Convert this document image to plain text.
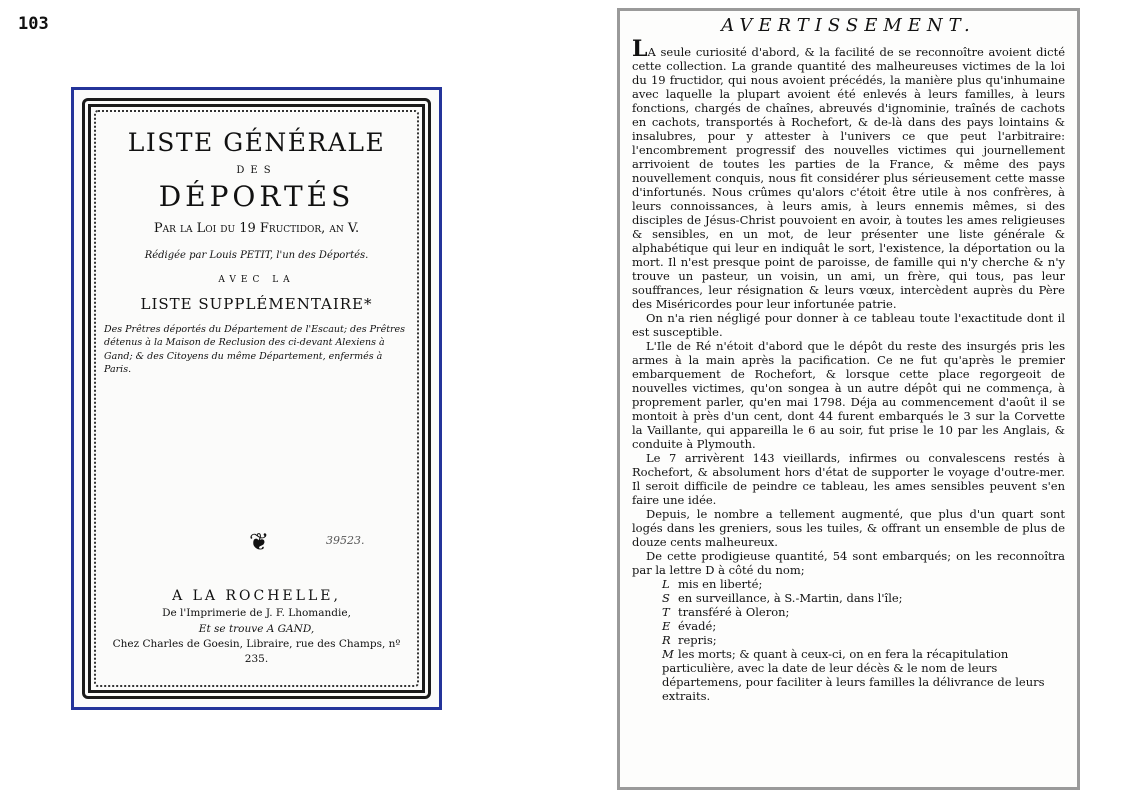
103
LISTE GÉNÉRALE
DES
DÉPORTÉS
Par la Loi du 19 Fructidor, an V.
Rédigée par Louis PETIT, l'un des Déportés.
AVEC LA
LISTE SUPPLÉMENTAIRE*

Des Prêtres déportés du Département de l'Escaut; des Prêtres détenus à la Maison de Reclusion des ci-devant Alexiens à Gand; & des Citoyens du même Département, enfermés à Paris.

❦	39523.
A LA ROCHELLE,
De l'Imprimerie de J. F. Lhomandie,
Et se trouve A GAND,
Chez Charles de Goesin, Libraire, rue des Champs, nº 235.
AVERTISSEMENT.

LA seule curiosité d'abord, & la facilité de se reconnoître avoient dicté cette collection. La grande quantité des malheureuses victimes de la loi du 19 fructidor, qui nous avoient précédés, la manière plus qu'inhumaine avec laquelle la plupart avoient été enlevés à leurs familles, à leurs fonctions, chargés de chaînes, abreuvés d'ignominie, traînés de cachots en cachots, transportés à Rochefort, & de-là dans des pays lointains & insalubres, pour y attester à l'univers ce que peut l'arbitraire: l'encombrement progressif des nouvelles victimes qui journellement arrivoient de toutes les parties de la France, & même des pays nouvellement conquis, nous fit considérer plus sérieusement cette masse d'infortunés. Nous crûmes qu'alors c'étoit être utile à nos confrères, à leurs connoissances, à leurs amis, à leurs ennemis mêmes, si des disciples de Jésus-Christ pouvoient en avoir, à toutes les ames religieuses & sensibles, en un mot, de leur présenter une liste générale & alphabétique qui leur en indiquât le sort, l'existence, la déportation ou la mort. Il n'est presque point de paroisse, de famille qui n'y cherche & n'y trouve un pasteur, un voisin, un ami, un frère, qui tous, pas leur souffrances, leur résignation & leurs vœux, intercèdent auprès du Père des Miséricordes pour leur infortunée patrie.

On n'a rien négligé pour donner à ce tableau toute l'exactitude dont il est susceptible.

L'Ile de Ré n'étoit d'abord que le dépôt du reste des insurgés pris les armes à la main après la pacification. Ce ne fut qu'après le premier embarquement de Rochefort, & lorsque cette place regorgeoit de nouvelles victimes, qu'on songea à un autre dépôt qui ne commença, à proprement parler, qu'en mai 1798. Déja au commencement d'août il se montoit à près d'un cent, dont 44 furent embarqués le 3 sur la Corvette la Vaillante, qui appareilla le 6 au soir, fut prise le 10 par les Anglais, & conduite à Plymouth.

Le 7 arrivèrent 143 vieillards, infirmes ou convalescens restés à Rochefort, & absolument hors d'état de supporter le voyage d'outre-mer. Il seroit difficile de peindre ce tableau, les ames sensibles peuvent s'en faire une idée.

Depuis, le nombre a tellement augmenté, que plus d'un quart sont logés dans les greniers, sous les tuiles, & offrant un ensemble de plus de douze cents malheureux.

De cette prodigieuse quantité, 54 sont embarqués; on les reconnoîtra par la lettre D à côté du nom;

L mis en liberté;
S en surveillance, à S.-Martin, dans l'île;
T transféré à Oleron;
E évadé;
R repris;
M les morts; & quant à ceux-ci, on en fera la récapitulation particulière, avec la date de leur décès & le nom de leurs départemens, pour faciliter à leurs familles la délivrance de leurs extraits.
